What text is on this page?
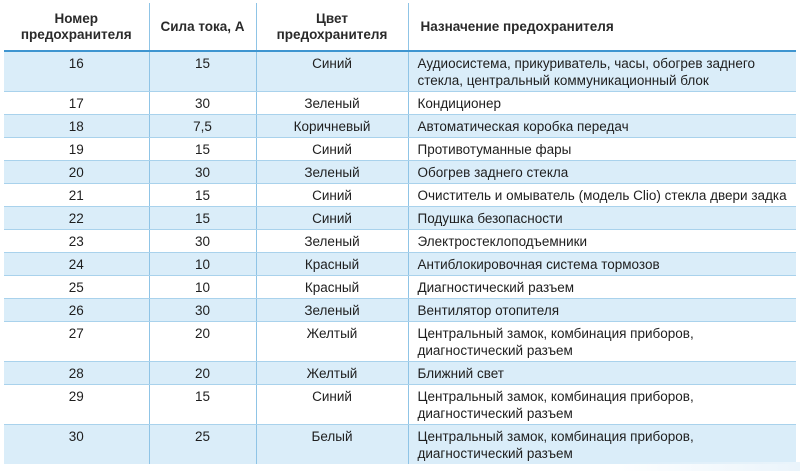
Номер предохранителя	Сила тока, А	Цвет предохранителя	Назначение предохранителя
16	15	Синий	Аудиосистема, прикуриватель, часы, обогрев заднего стекла, центральный коммуникационный блок
17	30	Зеленый	Кондиционер
18	7,5	Коричневый	Автоматическая коробка передач
19	15	Синий	Противотуманные фары
20	30	Зеленый	Обогрев заднего стекла
21	15	Синий	Очиститель и омыватель (модель Clio) стекла двери задка
22	15	Синий	Подушка безопасности
23	30	Зеленый	Электростеклоподъемники
24	10	Красный	Антиблокировочная система тормозов
25	10	Красный	Диагностический разъем
26	30	Зеленый	Вентилятор отопителя
27	20	Желтый	Центральный замок, комбинация приборов, диагностический разъем
28	20	Желтый	Ближний свет
29	15	Синий	Центральный замок, комбинация приборов, диагностический разъем
30	25	Белый	Центральный замок, комбинация приборов, диагностический разъем
